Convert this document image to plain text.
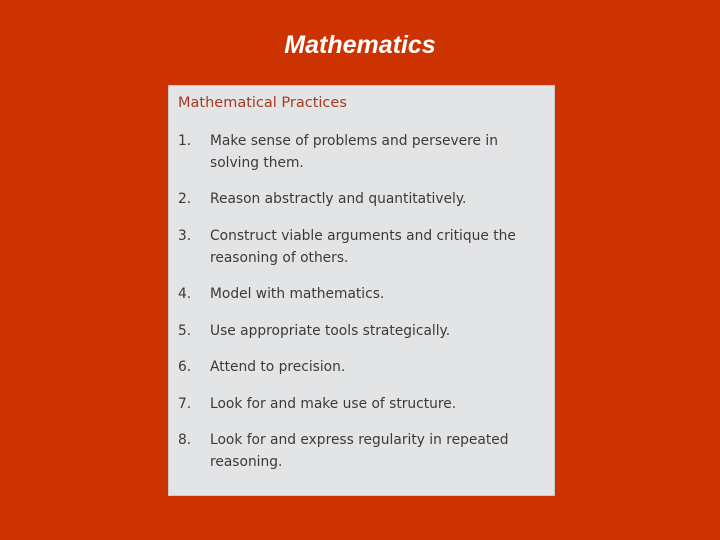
Mathematics
Mathematical Practices
1.	Make sense of problems and persevere in solving them.
2.	Reason abstractly and quantitatively.
3.	Construct viable arguments and critique the reasoning of others.
4.	Model with mathematics.
5.	Use appropriate tools strategically.
6.	Attend to precision.
7.	Look for and make use of structure.
8.	Look for and express regularity in repeated reasoning.
